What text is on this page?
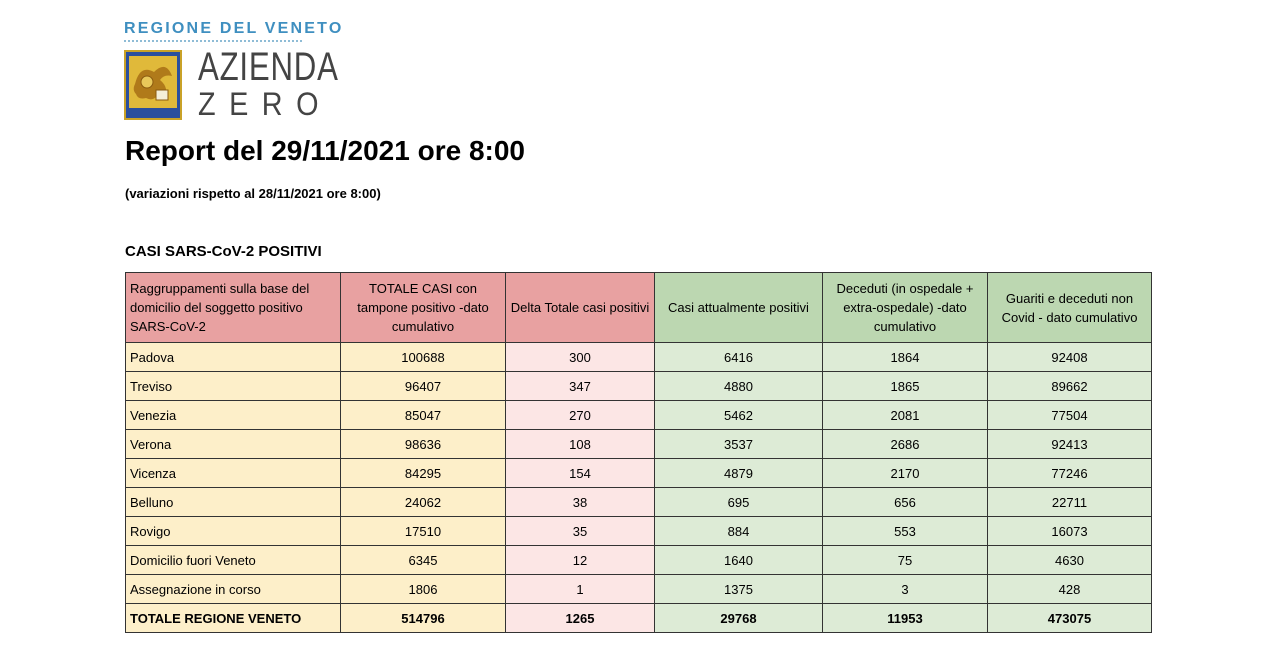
REGIONE DEL VENETO
AZIENDA
ZERO
Report del 29/11/2021 ore 8:00
(variazioni rispetto al 28/11/2021 ore 8:00)
CASI SARS-CoV-2 POSITIVI
Raggruppamenti sulla base del domicilio del soggetto positivo SARS-CoV-2	TOTALE CASI con tampone positivo -dato cumulativo	Delta Totale casi positivi	Casi attualmente positivi	Deceduti (in ospedale + extra-ospedale) -dato cumulativo	Guariti e deceduti non Covid - dato cumulativo
Padova	100688	300	6416	1864	92408
Treviso	96407	347	4880	1865	89662
Venezia	85047	270	5462	2081	77504
Verona	98636	108	3537	2686	92413
Vicenza	84295	154	4879	2170	77246
Belluno	24062	38	695	656	22711
Rovigo	17510	35	884	553	16073
Domicilio fuori Veneto	6345	12	1640	75	4630
Assegnazione in corso	1806	1	1375	3	428
TOTALE REGIONE VENETO	514796	1265	29768	11953	473075
